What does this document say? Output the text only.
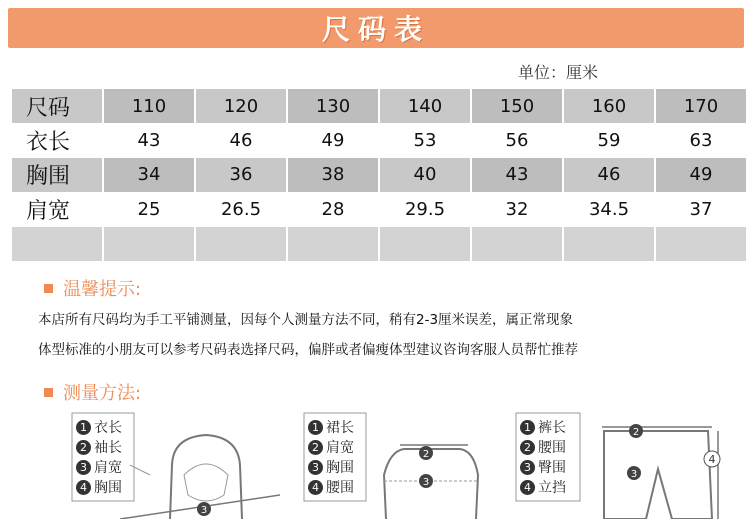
尺码表
单位：厘米
尺码	110	120	130	140	150	160	170
衣长	43	46	49	53	56	59	63
胸围	34	36	38	40	43	46	49
肩宽	25	26.5	28	29.5	32	34.5	37

温馨提示:
本店所有尺码均为手工平铺测量，因每个人测量方法不同，稍有2-3厘米误差，属正常现象
体型标准的小朋友可以参考尺码表选择尺码，偏胖或者偏瘦体型建议咨询客服人员帮忙推荐
测量方法:
3
1 衣长
2 袖长
3 肩宽
4 胸围
2
3
1 裙长
2 肩宽
3 胸围
4 腰围
2
3
4
1 裤长
2 腰围
3 臀围
4 立挡
